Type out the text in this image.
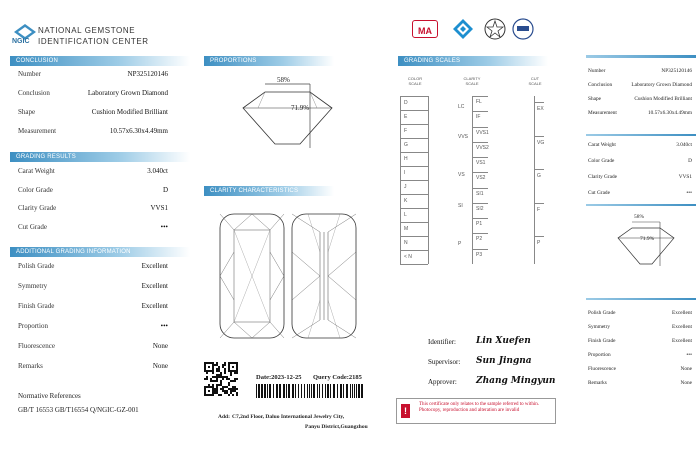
NGIC
NATIONAL GEMSTONE
IDENTIFICATION CENTER
CONCLUSION
Number	NP325120146
Conclusion	Laboratory Grown Diamond
Shape	Cushion Modified Brilliant
Measurement	10.57x6.30x4.49mm
GRADING RESULTS
Carat Weight	3.040ct
Color Grade	D
Clarity Grade	VVS1
Cut Grade	•••
ADDITIONAL GRADING INFORMATION
Polish Grade	Excellent
Symmetry	Excellent
Finish Grade	Excellent
Proportion	•••
Fluorescence	None
Remarks	None
Normative References
GB/T 16553 GB/T16554 Q/NGIC-GZ-001
PROPORTIONS
58%
71.9%
CLARITY CHARACTERISTICS
Date:2023-12-25 Query Code:2185
Add: C7,2nd Floor, Daluo International Jewelry City,
Panyu District,Guangzhou
GRADING SCALES
COLOR SCALE
CLARITY SCALE
CUT SCALE
D
E
F
G
H
I
J
K
L
M
N
< N
FL
IF
VVS1
VVS2
VS1
VS2
SI1
SI2
P1
P2
P3
LC
VVS
VS
SI
P
EX
VG
G
F
P
MA
Identifier: Lin Xuefen
Supervisor: Sun Jingna
Approver: Zhang Mingyun
!
This certificate only relates to the sample referred to within. Photocopy, reproduction and alteration are invalid
Number	NP325120146
Conclusion	Laboratory Grown Diamond
Shape	Cushion Modified Brilliant
Measurement	10.57x6.30x4.49mm
Carat Weight	3.040ct
Color Grade	D
Clarity Grade	VVS1
Cut Grade	•••
58%
71.9%
Polish Grade	Excellent
Symmetry	Excellent
Finish Grade	Excellent
Proportion	•••
Fluorescence	None
Remarks	None
